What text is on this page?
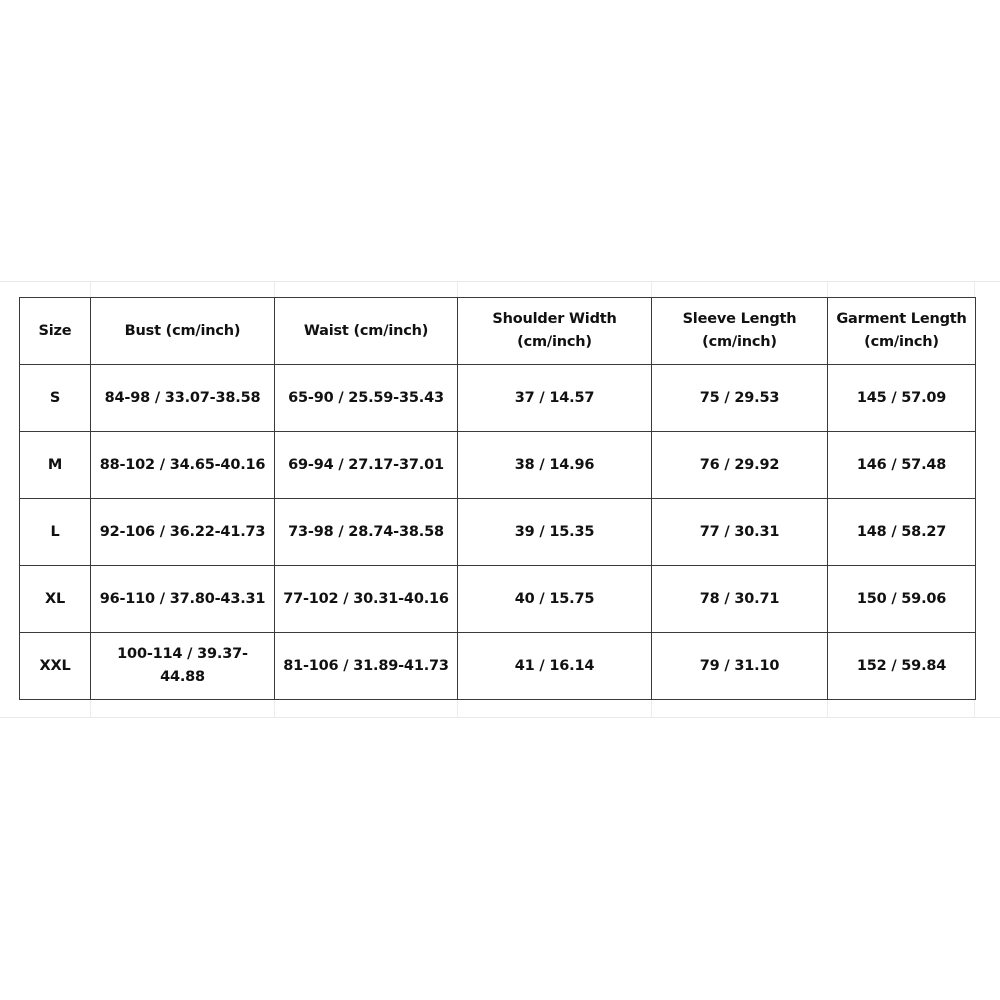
Size	Bust (cm/inch)	Waist (cm/inch)	Shoulder Width (cm/inch)	Sleeve Length (cm/inch)	Garment Length (cm/inch)
S	84-98 / 33.07-38.58	65-90 / 25.59-35.43	37 / 14.57	75 / 29.53	145 / 57.09
M	88-102 / 34.65-40.16	69-94 / 27.17-37.01	38 / 14.96	76 / 29.92	146 / 57.48
L	92-106 / 36.22-41.73	73-98 / 28.74-38.58	39 / 15.35	77 / 30.31	148 / 58.27
XL	96-110 / 37.80-43.31	77-102 / 30.31-40.16	40 / 15.75	78 / 30.71	150 / 59.06
XXL	100-114 / 39.37-44.88	81-106 / 31.89-41.73	41 / 16.14	79 / 31.10	152 / 59.84
